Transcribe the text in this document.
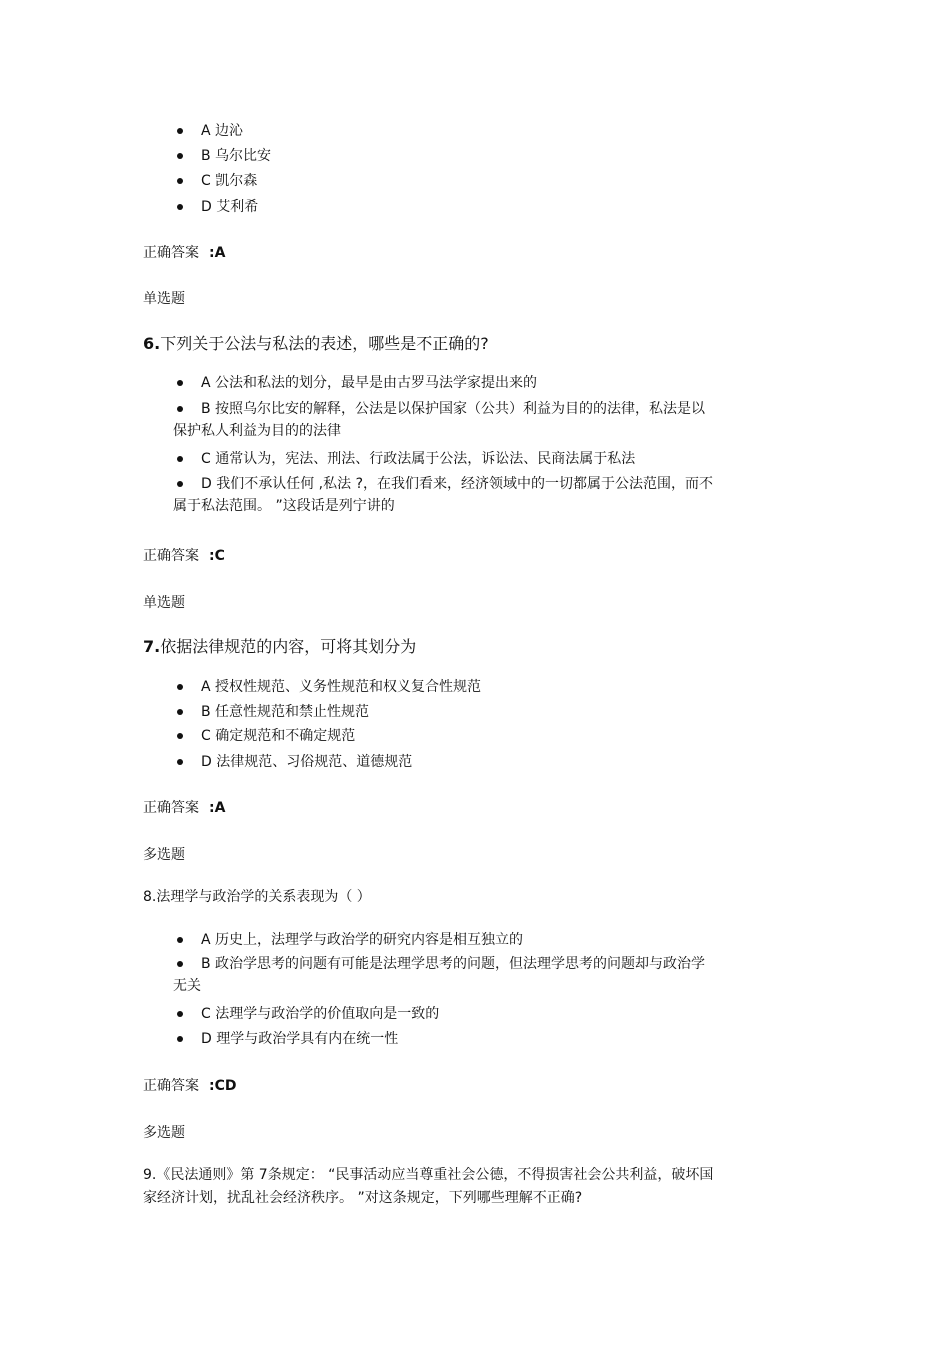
A 边沁
B 乌尔比安
C 凯尔森
D 艾利希
正确答案 :A
单选题
6.下列关于公法与私法的表述，哪些是不正确的?
A 公法和私法的划分，最早是由古罗马法学家提出来的
B 按照乌尔比安的解释，公法是以保护国家（公共）利益为目的的法律，私法是以
保护私人利益为目的的法律
C 通常认为，宪法、刑法、行政法属于公法，诉讼法、民商法属于私法
D 我们不承认任何 ,私法 ?，在我们看来，经济领域中的一切都属于公法范围，而不
属于私法范围。 ”这段话是列宁讲的
正确答案 :C
单选题
7.依据法律规范的内容，可将其划分为
A 授权性规范、义务性规范和权义复合性规范
B 任意性规范和禁止性规范
C 确定规范和不确定规范
D 法律规范、习俗规范、道德规范
正确答案 :A
多选题
8.法理学与政治学的关系表现为（ ）
A 历史上，法理学与政治学的研究内容是相互独立的
B 政治学思考的问题有可能是法理学思考的问题，但法理学思考的问题却与政治学
无关
C 法理学与政治学的价值取向是一致的
D 理学与政治学具有内在统一性
正确答案 :CD
多选题
9.《民法通则》第 7条规定： “民事活动应当尊重社会公德，不得损害社会公共利益，破坏国
家经济计划，扰乱社会经济秩序。 ”对这条规定，下列哪些理解不正确?
